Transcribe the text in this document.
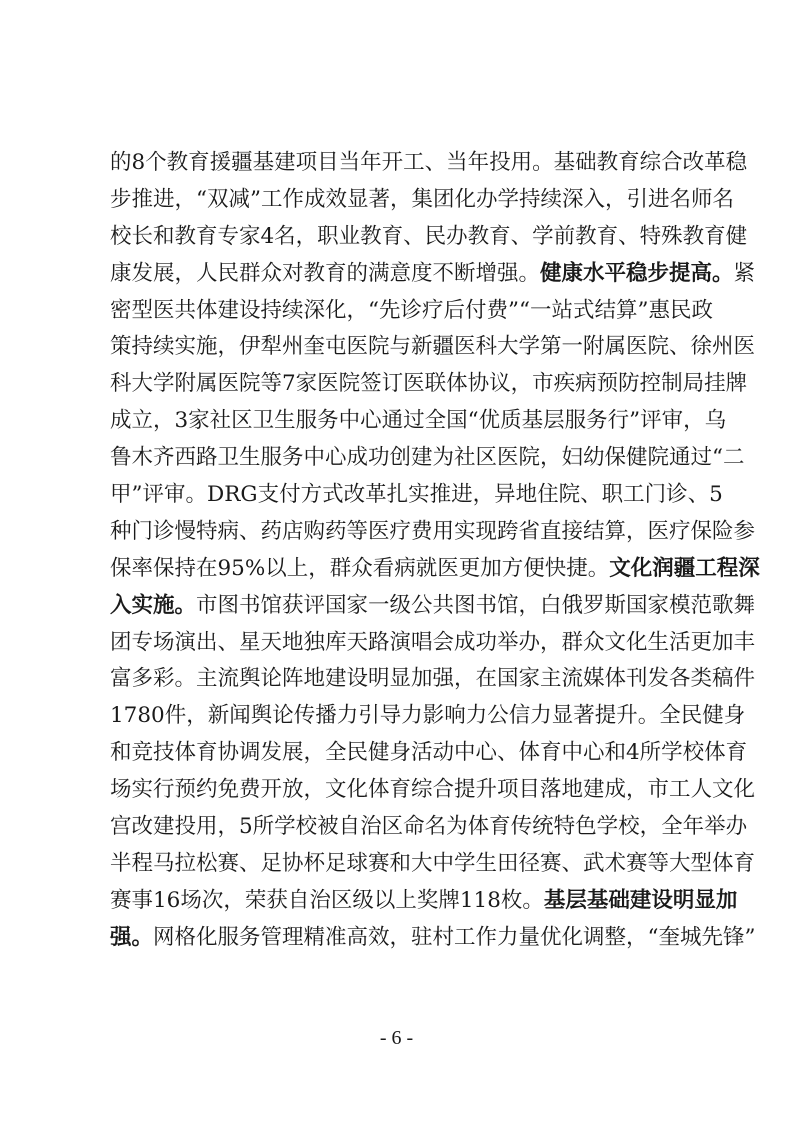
的8个教育援疆基建项目当年开工、当年投用。基础教育综合改革稳
步推进，“双减”工作成效显著，集团化办学持续深入，引进名师名
校长和教育专家4名，职业教育、民办教育、学前教育、特殊教育健
康发展，人民群众对教育的满意度不断增强。健康水平稳步提高。紧
密型医共体建设持续深化，“先诊疗后付费”“一站式结算”惠民政
策持续实施，伊犁州奎屯医院与新疆医科大学第一附属医院、徐州医
科大学附属医院等7家医院签订医联体协议，市疾病预防控制局挂牌
成立，3家社区卫生服务中心通过全国“优质基层服务行”评审，乌
鲁木齐西路卫生服务中心成功创建为社区医院，妇幼保健院通过“二
甲”评审。DRG支付方式改革扎实推进，异地住院、职工门诊、5
种门诊慢特病、药店购药等医疗费用实现跨省直接结算，医疗保险参
保率保持在95%以上，群众看病就医更加方便快捷。文化润疆工程深
入实施。市图书馆获评国家一级公共图书馆，白俄罗斯国家模范歌舞
团专场演出、星天地独库天路演唱会成功举办，群众文化生活更加丰
富多彩。主流舆论阵地建设明显加强，在国家主流媒体刊发各类稿件
1780件，新闻舆论传播力引导力影响力公信力显著提升。全民健身
和竞技体育协调发展，全民健身活动中心、体育中心和4所学校体育
场实行预约免费开放，文化体育综合提升项目落地建成，市工人文化
宫改建投用，5所学校被自治区命名为体育传统特色学校，全年举办
半程马拉松赛、足协杯足球赛和大中学生田径赛、武术赛等大型体育
赛事16场次，荣获自治区级以上奖牌118枚。基层基础建设明显加
强。网格化服务管理精准高效，驻村工作力量优化调整，“奎城先锋”
- 6 -
